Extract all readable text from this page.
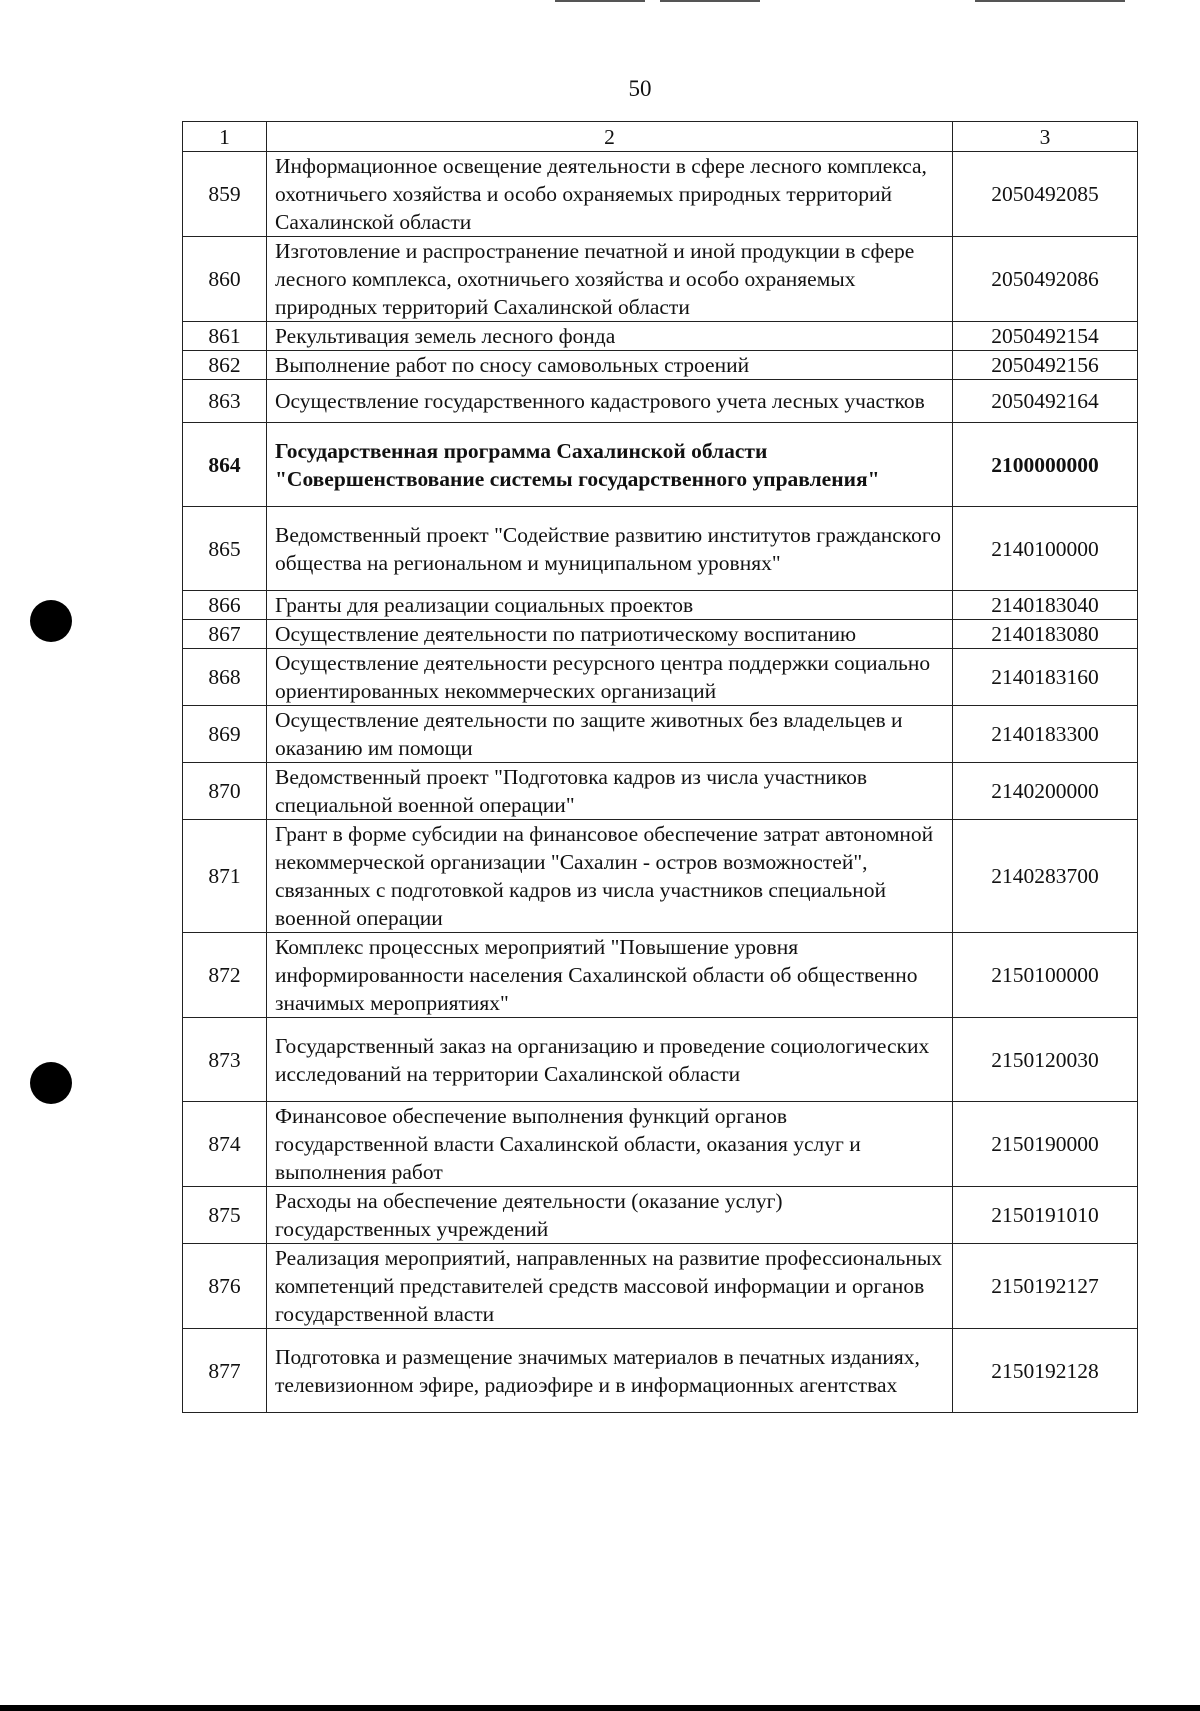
50
1	2	3
859	Информационное освещение деятельности в сфере лесного комплекса, охотничьего хозяйства и особо охраняемых природных территорий Сахалинской области	2050492085
860	Изготовление и распространение печатной и иной продукции в сфере лесного комплекса, охотничьего хозяйства и особо охраняемых природных территорий Сахалинской области	2050492086
861	Рекультивация земель лесного фонда	2050492154
862	Выполнение работ по сносу самовольных строений	2050492156
863	Осуществление государственного кадастрового учета лесных участков	2050492164
864	Государственная программа Сахалинской области "Совершенствование системы государственного управления"	2100000000
865	Ведомственный проект "Содействие развитию институтов гражданского общества на региональном и муниципальном уровнях"	2140100000
866	Гранты для реализации социальных проектов	2140183040
867	Осуществление деятельности по патриотическому воспитанию	2140183080
868	Осуществление деятельности ресурсного центра поддержки социально ориентированных некоммерческих организаций	2140183160
869	Осуществление деятельности по защите животных без владельцев и оказанию им помощи	2140183300
870	Ведомственный проект "Подготовка кадров из числа участников специальной военной операции"	2140200000
871	Грант в форме субсидии на финансовое обеспечение затрат автономной некоммерческой организации "Сахалин - остров возможностей", связанных с подготовкой кадров из числа участников специальной военной операции	2140283700
872	Комплекс процессных мероприятий "Повышение уровня информированности населения Сахалинской области об общественно значимых мероприятиях"	2150100000
873	Государственный заказ на организацию и проведение социологических исследований на территории Сахалинской области	2150120030
874	Финансовое обеспечение выполнения функций органов государственной власти Сахалинской области, оказания услуг и выполнения работ	2150190000
875	Расходы на обеспечение деятельности (оказание услуг) государственных учреждений	2150191010
876	Реализация мероприятий, направленных на развитие профессиональных компетенций представителей средств массовой информации и органов государственной власти	2150192127
877	Подготовка и размещение значимых материалов в печатных изданиях, телевизионном эфире, радиоэфире и в информационных агентствах	2150192128
